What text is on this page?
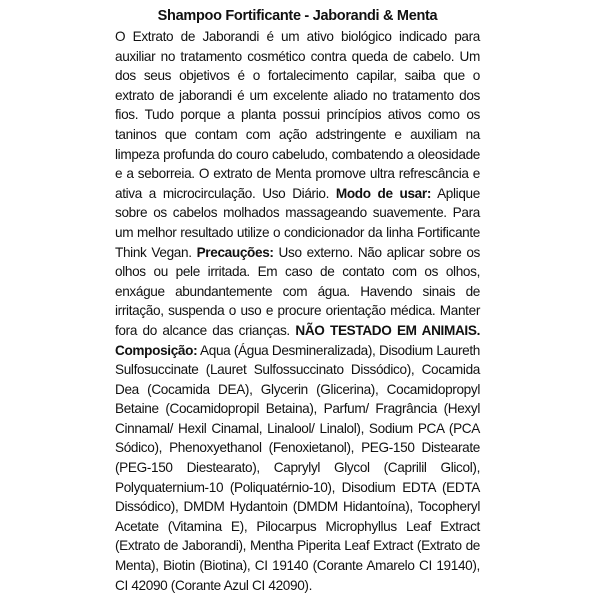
Shampoo Fortificante - Jaborandi & Menta

O Extrato de Jaborandi é um ativo biológico indicado para auxiliar no tratamento cosmético contra queda de cabelo. Um dos seus objetivos é o fortalecimento capilar, saiba que o extrato de jaborandi é um excelente aliado no tratamento dos fios. Tudo porque a planta possui princípios ativos como os taninos que contam com ação adstringente e auxiliam na limpeza profunda do couro cabeludo, combatendo a oleosidade e a seborreia. O extrato de Menta promove ultra refrescância e ativa a microcirculação. Uso Diário. Modo de usar: Aplique sobre os cabelos molhados massageando suavemente. Para um melhor resultado utilize o condicionador da linha Fortificante Think Vegan. Precauções: Uso externo. Não aplicar sobre os olhos ou pele irritada. Em caso de contato com os olhos, enxágue abundantemente com água. Havendo sinais de irritação, suspenda o uso e procure orientação médica. Manter fora do alcance das crianças. NÃO TESTADO EM ANIMAIS. Composição: Aqua (Água Desmineralizada), Disodium Laureth Sulfosuccinate (Lauret Sulfossuccinato Dissódico), Cocamida Dea (Cocamida DEA), Glycerin (Glicerina), Cocamidopropyl Betaine (Cocamidopropil Betaina), Parfum/ Fragrância (Hexyl Cinnamal/ Hexil Cinamal, Linalool/ Linalol), Sodium PCA (PCA Sódico), Phenoxyethanol (Fenoxietanol), PEG-150 Distearate (PEG-150 Diestearato), Caprylyl Glycol (Caprilil Glicol), Polyquaternium-10 (Poliquatérnio-10), Disodium EDTA (EDTA Dissódico), DMDM Hydantoin (DMDM Hidantoína), Tocopheryl Acetate (Vitamina E), Pilocarpus Microphyllus Leaf Extract (Extrato de Jaborandi), Mentha Piperita Leaf Extract (Extrato de Menta), Biotin (Biotina), CI 19140 (Corante Amarelo CI 19140), CI 42090 (Corante Azul CI 42090).
